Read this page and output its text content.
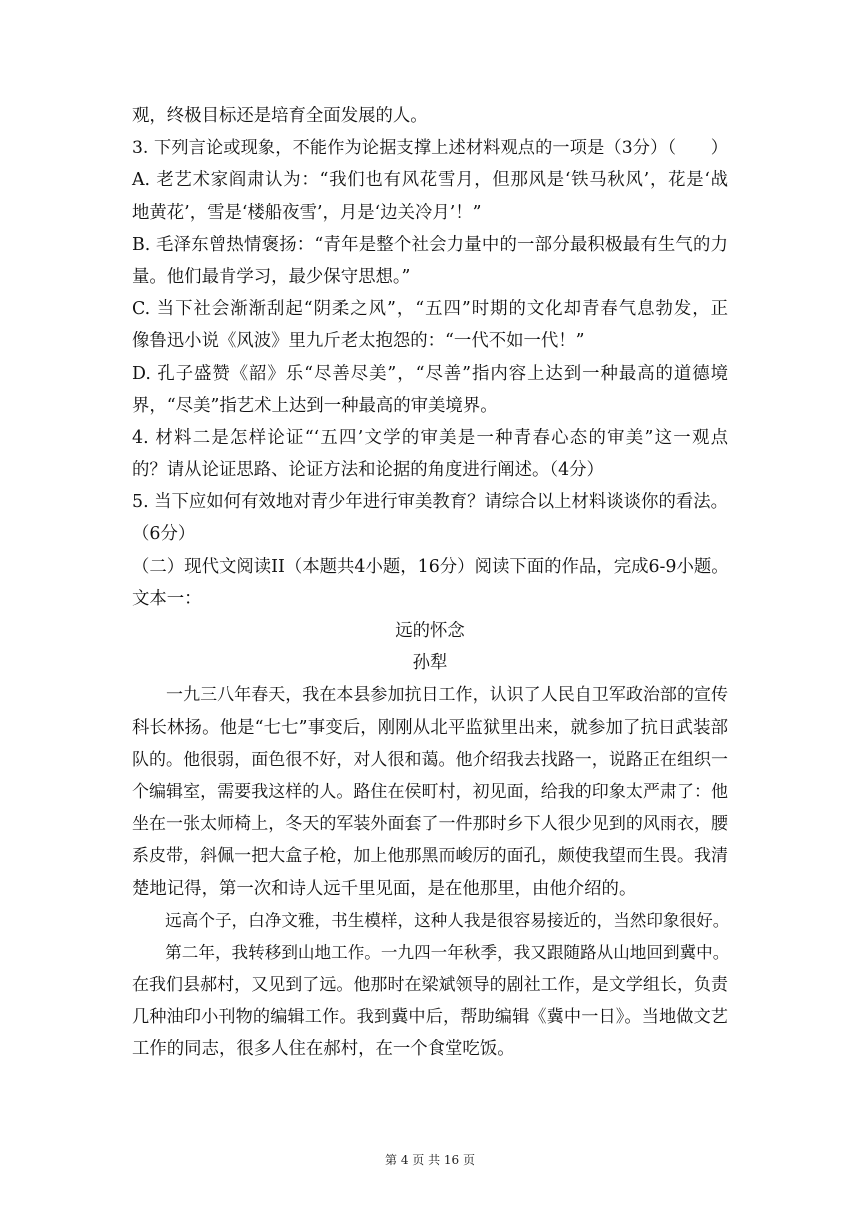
观，终极目标还是培育全面发展的人。
3. 下列言论或现象，不能作为论据支撑上述材料观点的一项是（3分）（　　）
A. 老艺术家阎肃认为：“我们也有风花雪月，但那风是‘铁马秋风’，花是‘战
地黄花’，雪是‘楼船夜雪’，月是‘边关冷月’！”
B. 毛泽东曾热情褒扬：“青年是整个社会力量中的一部分最积极最有生气的力
量。他们最肯学习，最少保守思想。”
C. 当下社会渐渐刮起“阴柔之风”，“五四”时期的文化却青春气息勃发，正
像鲁迅小说《风波》里九斤老太抱怨的：“一代不如一代！”
D. 孔子盛赞《韶》乐“尽善尽美”，“尽善”指内容上达到一种最高的道德境
界，“尽美”指艺术上达到一种最高的审美境界。
4. 材料二是怎样论证“‘五四’文学的审美是一种青春心态的审美”这一观点
的？请从论证思路、论证方法和论据的角度进行阐述。（4分）
5. 当下应如何有效地对青少年进行审美教育？请综合以上材料谈谈你的看法。
（6分）
（二）现代文阅读II（本题共4小题，16分）阅读下面的作品，完成6-9小题。
文本一：
远的怀念
孙犁
　　一九三八年春天，我在本县参加抗日工作，认识了人民自卫军政治部的宣传
科长林扬。他是“七七”事变后，刚刚从北平监狱里出来，就参加了抗日武装部
队的。他很弱，面色很不好，对人很和蔼。他介绍我去找路一，说路正在组织一
个编辑室，需要我这样的人。路住在侯町村，初见面，给我的印象太严肃了：他
坐在一张太师椅上，冬天的军装外面套了一件那时乡下人很少见到的风雨衣，腰
系皮带，斜佩一把大盒子枪，加上他那黑而峻厉的面孔，颇使我望而生畏。我清
楚地记得，第一次和诗人远千里见面，是在他那里，由他介绍的。
　　远高个子，白净文雅，书生模样，这种人我是很容易接近的，当然印象很好。
　　第二年，我转移到山地工作。一九四一年秋季，我又跟随路从山地回到冀中。
在我们县郝村，又见到了远。他那时在梁斌领导的剧社工作，是文学组长，负责
几种油印小刊物的编辑工作。我到冀中后，帮助编辑《冀中一日》。当地做文艺
工作的同志，很多人住在郝村，在一个食堂吃饭。
第 4 页 共 16 页
